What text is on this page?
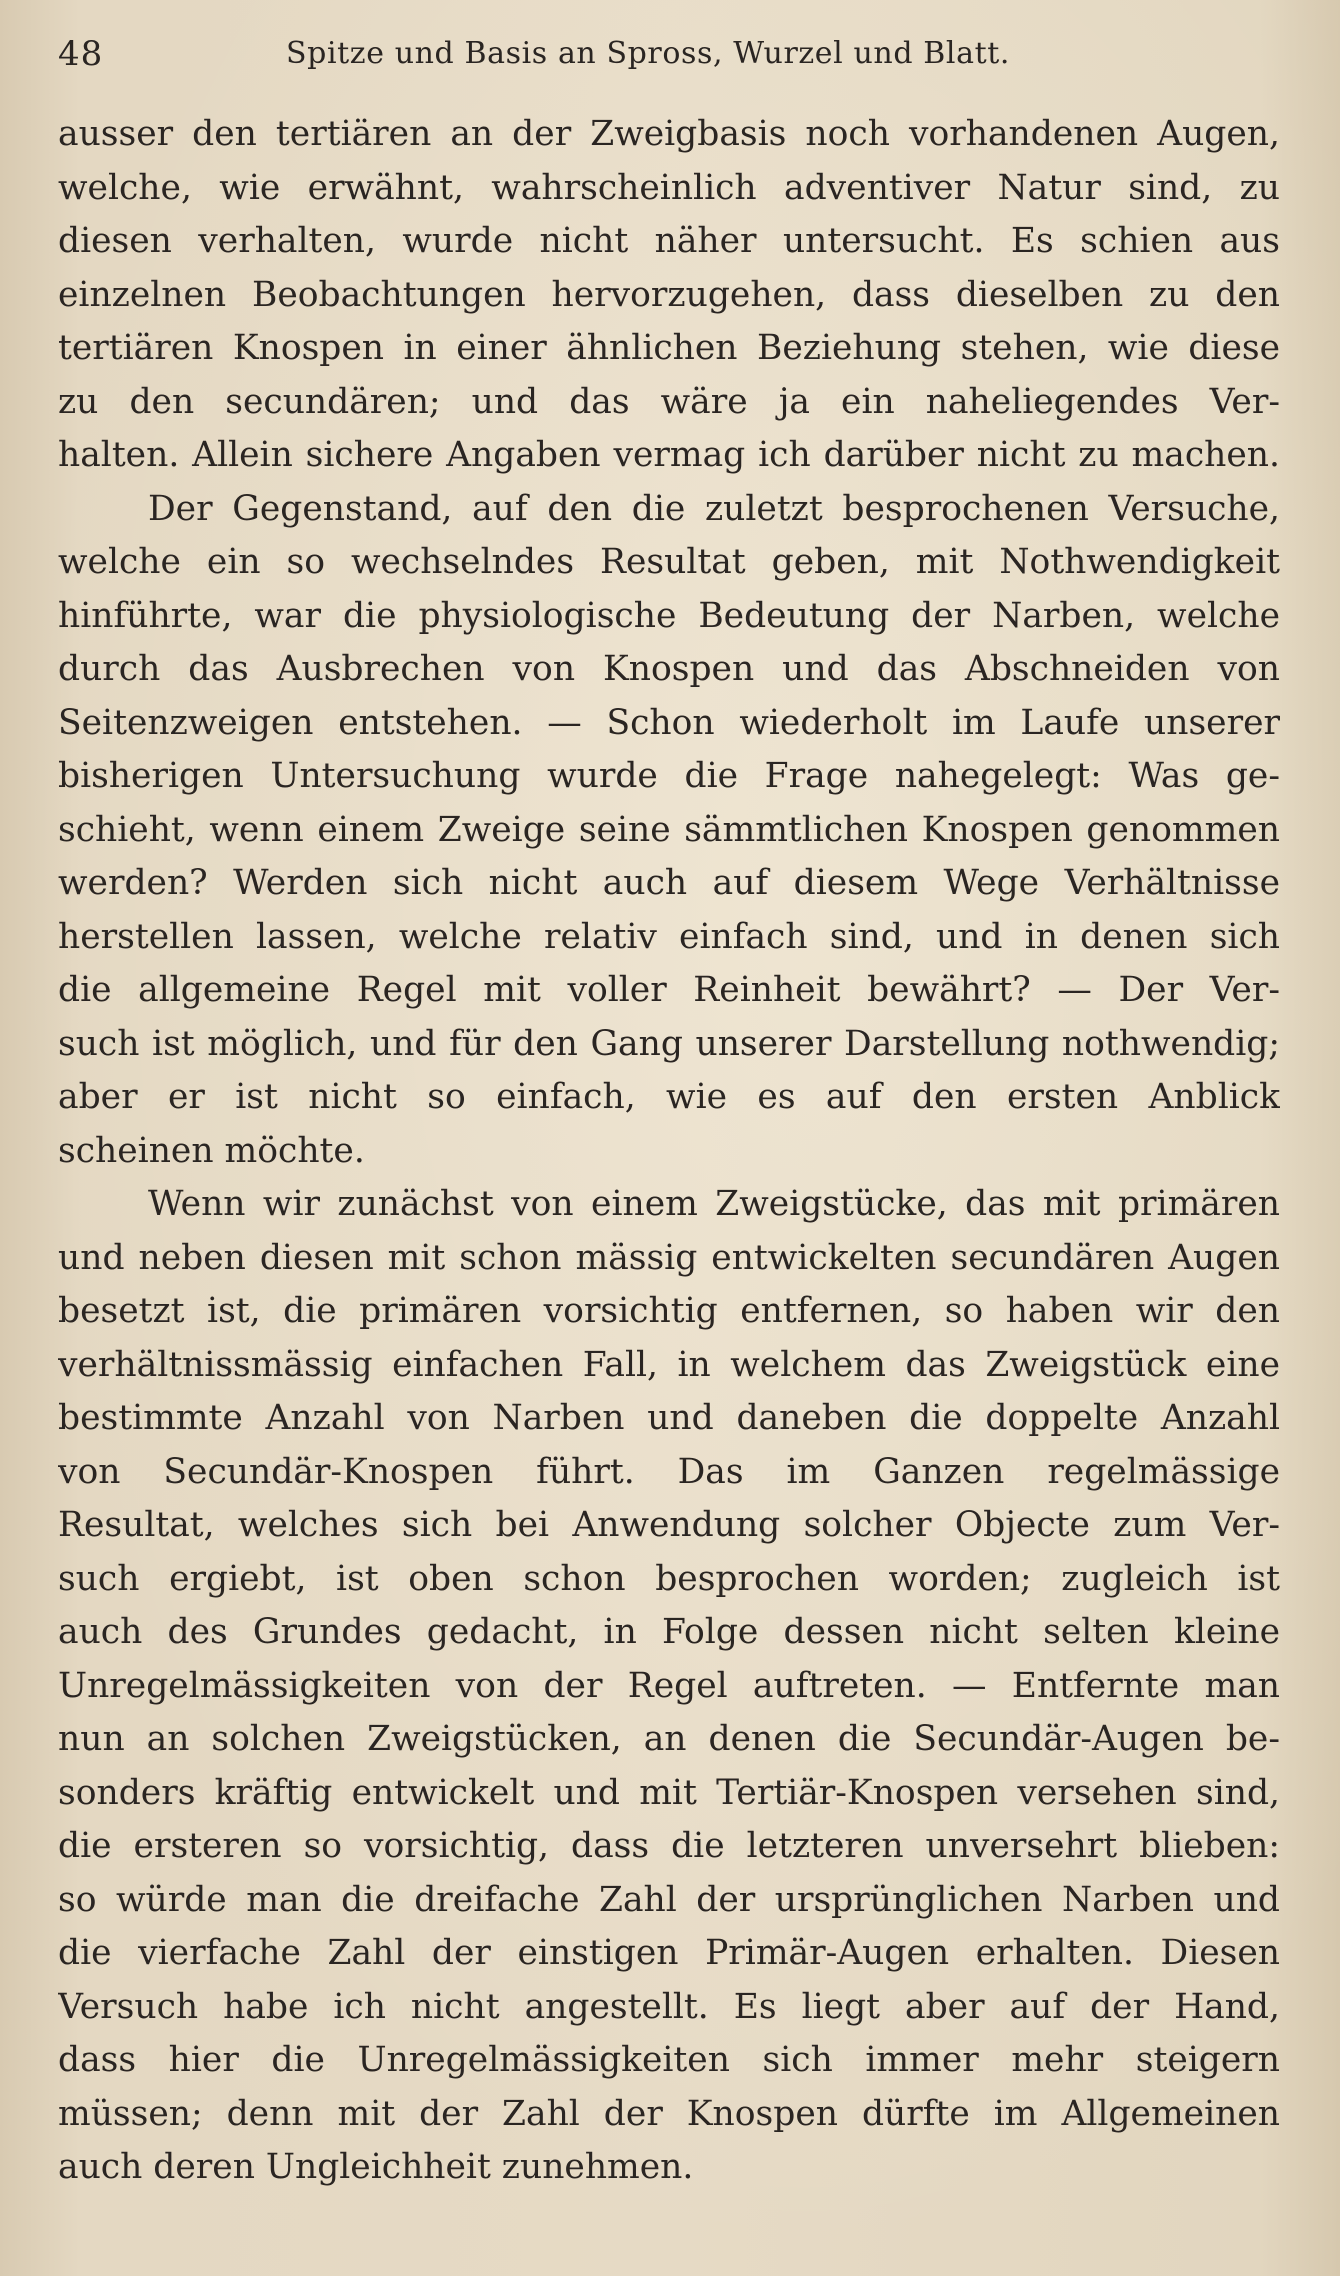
48	Spitze und Basis an Spross, Wurzel und Blatt.
ausser den tertiären an der Zweigbasis noch vorhandenen Augen,
welche, wie erwähnt, wahrscheinlich adventiver Natur sind, zu
diesen verhalten, wurde nicht näher untersucht. Es schien aus
einzelnen Beobachtungen hervorzugehen, dass dieselben zu den
tertiären Knospen in einer ähnlichen Beziehung stehen, wie diese
zu den secundären; und das wäre ja ein naheliegendes Ver-
halten. Allein sichere Angaben vermag ich darüber nicht zu machen.
Der Gegenstand, auf den die zuletzt besprochenen Versuche,
welche ein so wechselndes Resultat geben, mit Nothwendigkeit
hinführte, war die physiologische Bedeutung der Narben, welche
durch das Ausbrechen von Knospen und das Abschneiden von
Seitenzweigen entstehen. — Schon wiederholt im Laufe unserer
bisherigen Untersuchung wurde die Frage nahegelegt: Was ge-
schieht, wenn einem Zweige seine sämmtlichen Knospen genommen
werden? Werden sich nicht auch auf diesem Wege Verhältnisse
herstellen lassen, welche relativ einfach sind, und in denen sich
die allgemeine Regel mit voller Reinheit bewährt? — Der Ver-
such ist möglich, und für den Gang unserer Darstellung nothwendig;
aber er ist nicht so einfach, wie es auf den ersten Anblick
scheinen möchte.
Wenn wir zunächst von einem Zweigstücke, das mit primären
und neben diesen mit schon mässig entwickelten secundären Augen
besetzt ist, die primären vorsichtig entfernen, so haben wir den
verhältnissmässig einfachen Fall, in welchem das Zweigstück eine
bestimmte Anzahl von Narben und daneben die doppelte Anzahl
von Secundär-Knospen führt. Das im Ganzen regelmässige
Resultat, welches sich bei Anwendung solcher Objecte zum Ver-
such ergiebt, ist oben schon besprochen worden; zugleich ist
auch des Grundes gedacht, in Folge dessen nicht selten kleine
Unregelmässigkeiten von der Regel auftreten. — Entfernte man
nun an solchen Zweigstücken, an denen die Secundär-Augen be-
sonders kräftig entwickelt und mit Tertiär-Knospen versehen sind,
die ersteren so vorsichtig, dass die letzteren unversehrt blieben:
so würde man die dreifache Zahl der ursprünglichen Narben und
die vierfache Zahl der einstigen Primär-Augen erhalten. Diesen
Versuch habe ich nicht angestellt. Es liegt aber auf der Hand,
dass hier die Unregelmässigkeiten sich immer mehr steigern
müssen; denn mit der Zahl der Knospen dürfte im Allgemeinen
auch deren Ungleichheit zunehmen.
